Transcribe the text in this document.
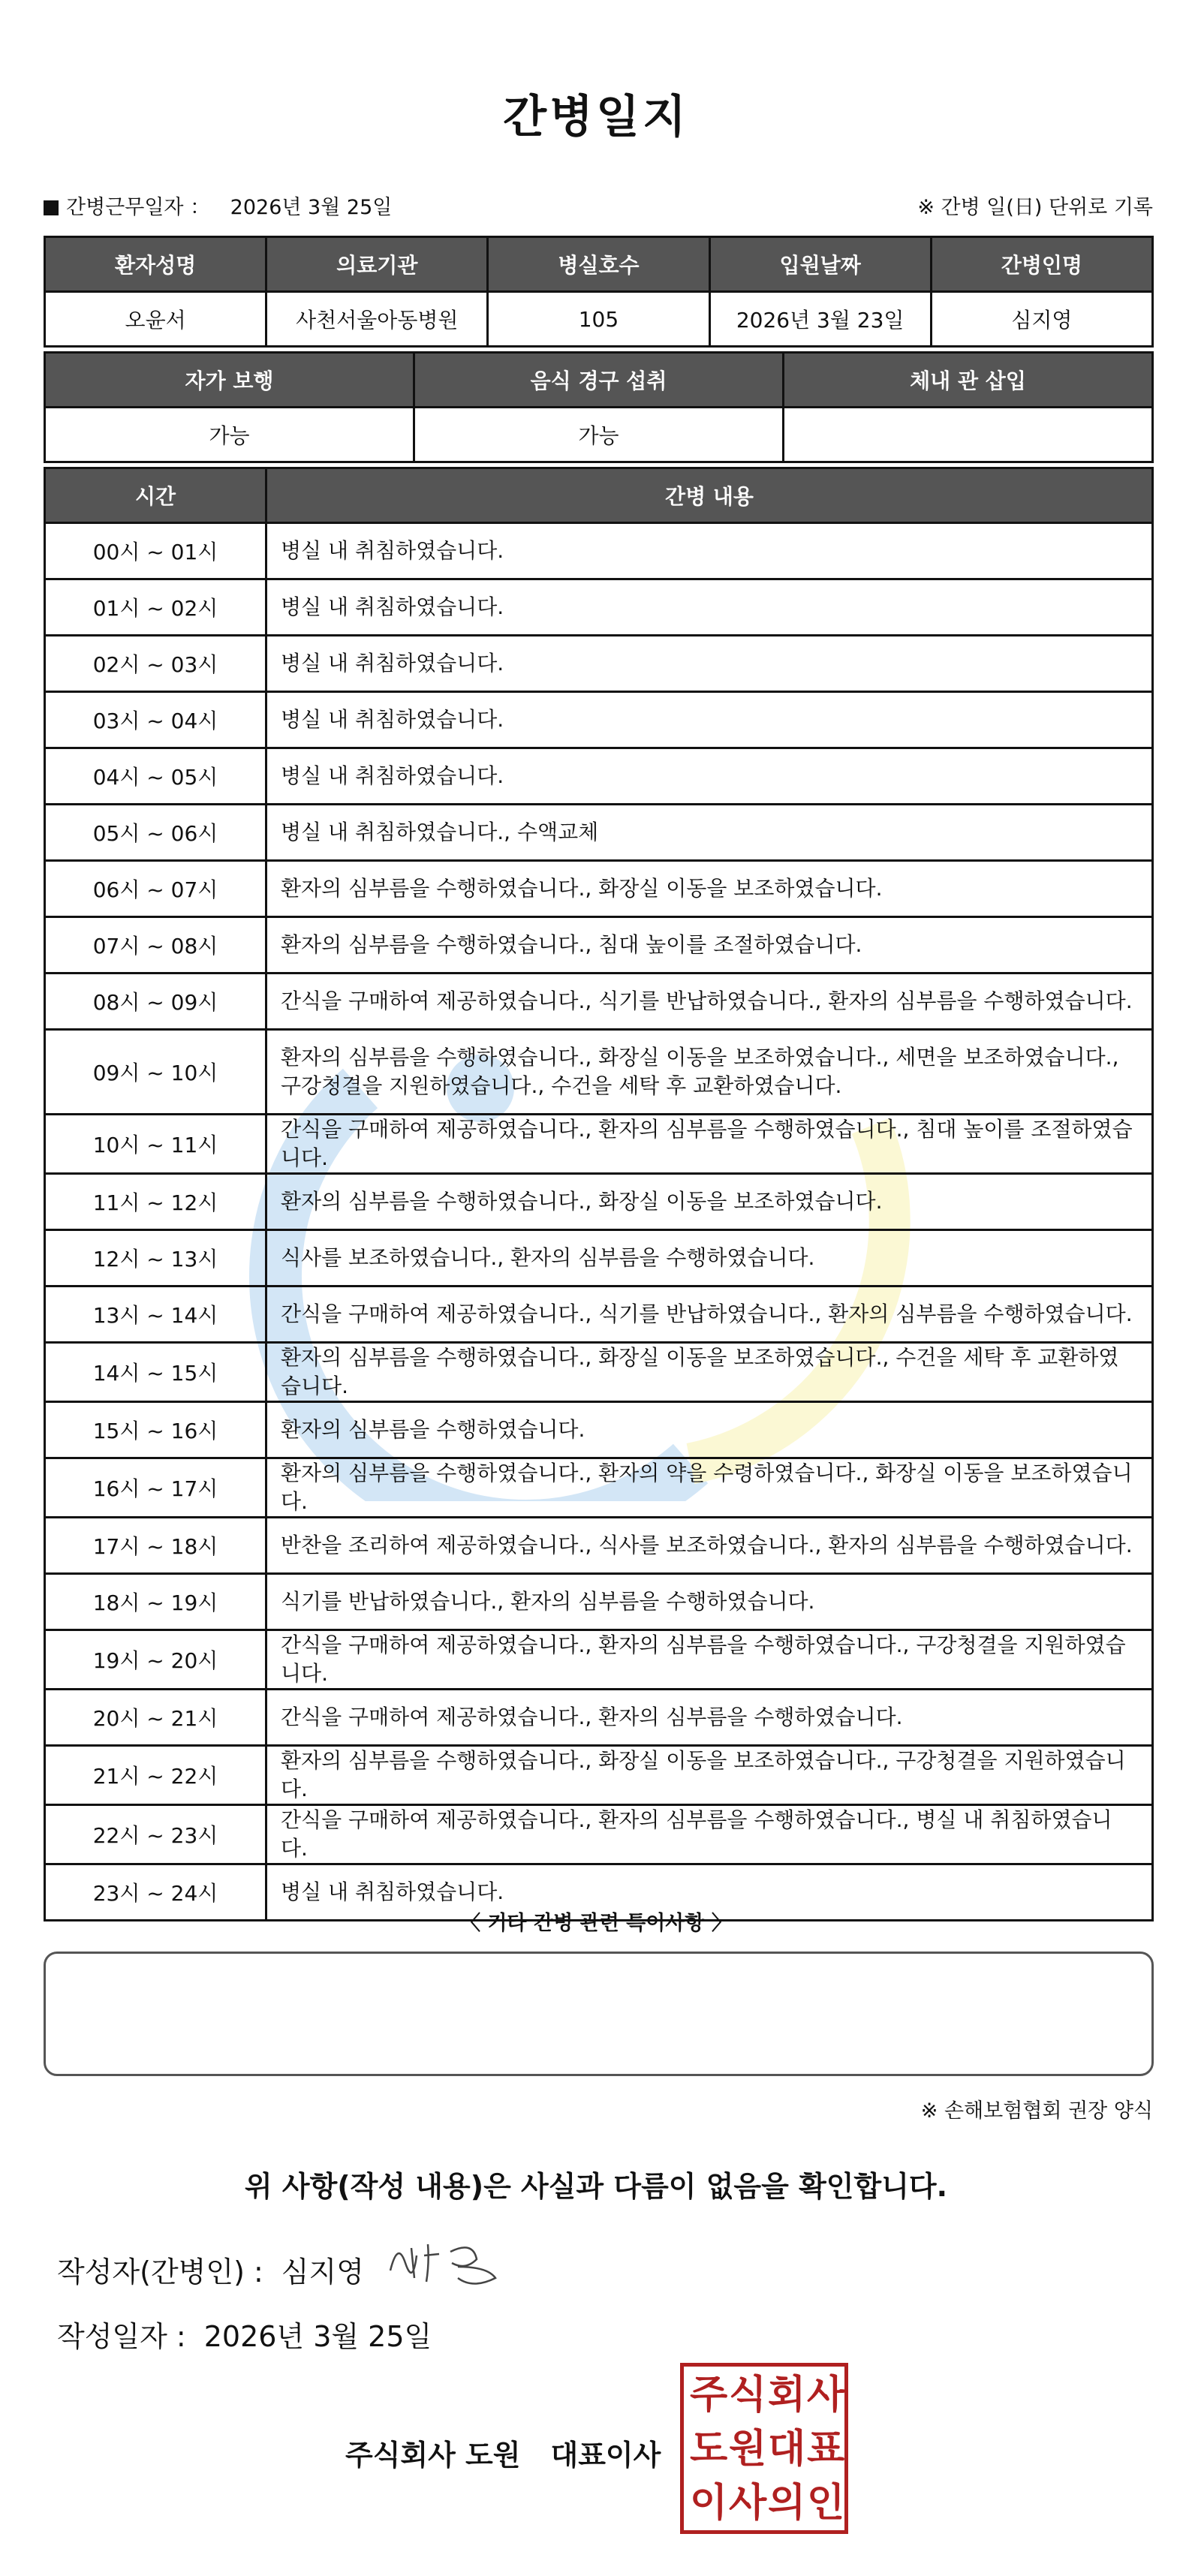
간병일지
간병근무일자 ： 2026년 3월 25일	※ 간병 일(日) 단위로 기록
환자성명	의료기관	병실호수	입원날짜	간병인명
오윤서	사천서울아동병원	105	2026년 3월 23일	심지영
자가 보행	음식 경구 섭취	체내 관 삽입
가능	가능	
시간	간병 내용
00시 ~ 01시	병실 내 취침하였습니다.
01시 ~ 02시	병실 내 취침하였습니다.
02시 ~ 03시	병실 내 취침하였습니다.
03시 ~ 04시	병실 내 취침하였습니다.
04시 ~ 05시	병실 내 취침하였습니다.
05시 ~ 06시	병실 내 취침하였습니다., 수액교체
06시 ~ 07시	환자의 심부름을 수행하였습니다., 화장실 이동을 보조하였습니다.
07시 ~ 08시	환자의 심부름을 수행하였습니다., 침대 높이를 조절하였습니다.
08시 ~ 09시	간식을 구매하여 제공하였습니다., 식기를 반납하였습니다., 환자의 심부름을 수행하였습니다.
09시 ~ 10시	환자의 심부름을 수행하였습니다., 화장실 이동을 보조하였습니다., 세면을 보조하였습니다., 구강청결을 지원하였습니다., 수건을 세탁 후 교환하였습니다.
10시 ~ 11시	간식을 구매하여 제공하였습니다., 환자의 심부름을 수행하였습니다., 침대 높이를 조절하였습니다.
11시 ~ 12시	환자의 심부름을 수행하였습니다., 화장실 이동을 보조하였습니다.
12시 ~ 13시	식사를 보조하였습니다., 환자의 심부름을 수행하였습니다.
13시 ~ 14시	간식을 구매하여 제공하였습니다., 식기를 반납하였습니다., 환자의 심부름을 수행하였습니다.
14시 ~ 15시	환자의 심부름을 수행하였습니다., 화장실 이동을 보조하였습니다., 수건을 세탁 후 교환하였습니다.
15시 ~ 16시	환자의 심부름을 수행하였습니다.
16시 ~ 17시	환자의 심부름을 수행하였습니다., 환자의 약을 수령하였습니다., 화장실 이동을 보조하였습니다.
17시 ~ 18시	반찬을 조리하여 제공하였습니다., 식사를 보조하였습니다., 환자의 심부름을 수행하였습니다.
18시 ~ 19시	식기를 반납하였습니다., 환자의 심부름을 수행하였습니다.
19시 ~ 20시	간식을 구매하여 제공하였습니다., 환자의 심부름을 수행하였습니다., 구강청결을 지원하였습니다.
20시 ~ 21시	간식을 구매하여 제공하였습니다., 환자의 심부름을 수행하였습니다.
21시 ~ 22시	환자의 심부름을 수행하였습니다., 화장실 이동을 보조하였습니다., 구강청결을 지원하였습니다.
22시 ~ 23시	간식을 구매하여 제공하였습니다., 환자의 심부름을 수행하였습니다., 병실 내 취침하였습니다.
23시 ~ 24시	병실 내 취침하였습니다.
〈 기타 간병 관련 특이사항 〉
※ 손해보험협회 권장 양식
위 사항(작성 내용)은 사실과 다름이 없음을 확인합니다.
작성자(간병인) : 심지영
작성일자 : 2026년 3월 25일
주식회사 도원 대표이사
주 식 회 사
도 원 대 표
이 사 의 인
